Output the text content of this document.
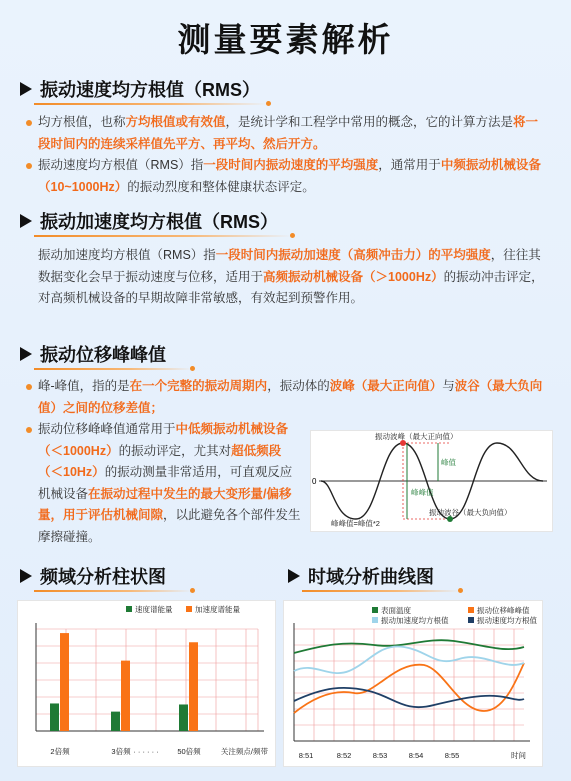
测量要素解析
振动速度均方根值（RMS）
均方根值，也称方均根值或有效值，是统计学和工程学中常用的概念，它的计算方法是将一段时间内的连续采样值先平方、再平均、然后开方。
振动速度均方根值（RMS）指一段时间内振动速度的平均强度，通常用于中频振动机械设备（10~1000Hz）的振动烈度和整体健康状态评定。
振动加速度均方根值（RMS）
振动加速度均方根值（RMS）指一段时间内振动加速度（高频冲击力）的平均强度，往往其数据变化会早于振动速度与位移，适用于高频振动机械设备（＞1000Hz）的振动冲击评定，对高频机械设备的早期故障非常敏感，有效起到预警作用。
振动位移峰峰值
峰-峰值，指的是在一个完整的振动周期内，振动体的波峰（最大正向值）与波谷（最大负向值）之间的位移差值；
振动位移峰峰值通常用于中低频振动机械设备（＜1000Hz）的振动评定，尤其对超低频段（＜10Hz）的振动测量非常适用，可直观反应机械设备在振动过程中发生的最大变形量/偏移量，用于评估机械间隙，以此避免各个部件发生摩擦碰撞。
0
振动波峰（最大正向值）
峰值
峰峰值
振动波谷（最大负向值）
峰峰值=峰值*2
频域分析柱状图	时域分析曲线图
速度谱能量	加速度谱能量
2倍频	3倍频	50倍频
· · · · · ·	关注频点/频带
表面温度	振动位移峰峰值
振动加速度均方根值	振动速度均方根值
8:51	8:52	8:53	8:54	8:55	时间
